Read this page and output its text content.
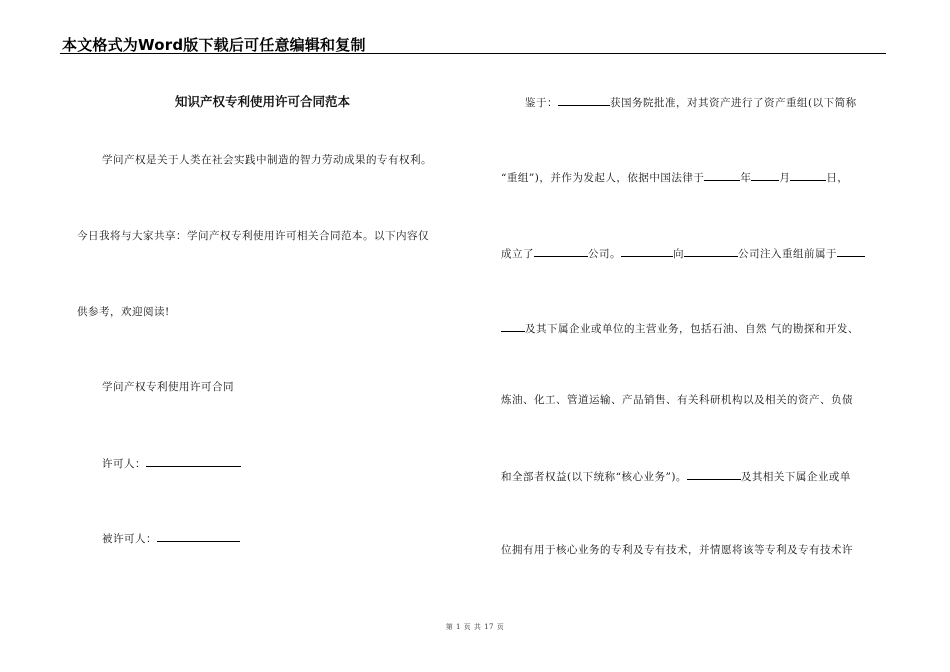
本文格式为Word版下载后可任意编辑和复制
知识产权专利使用许可合同范本
学问产权是关于人类在社会实践中制造的智力劳动成果的专有权利。
今日我将与大家共享：学问产权专利使用许可相关合同范本。以下内容仅
供参考，欢迎阅读!
学问产权专利使用许可合同
许可人：
被许可人：
鉴于：	获国务院批准，对其资产进行了资产重组(以下简称
“重组”)，并作为发起人，依据中国法律于	年	月	日，
成立了	公司。	向	公司注入重组前属于
及其下属企业或单位的主营业务，包括石油、自然 气的勘探和开发、
炼油、化工、管道运输、产品销售、有关科研机构以及相关的资产、负债
和全部者权益(以下统称“核心业务”)。	及其相关下属企业或单
位拥有用于核心业务的专利及专有技术，并情愿将该等专利及专有技术许
第 1 页 共 17 页
